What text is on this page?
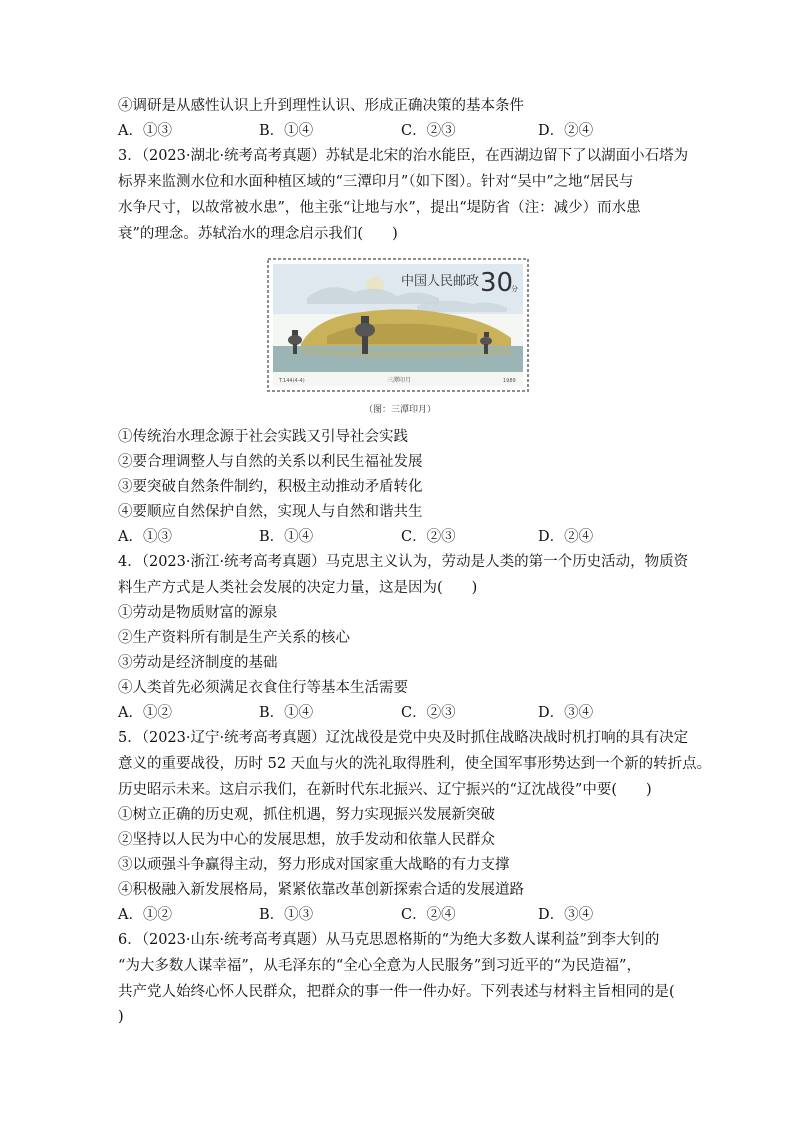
④调研是从感性认识上升到理性认识、形成正确决策的基本条件
A．①③	B．①④	C．②③	D．②④
3．（2023·湖北·统考高考真题）苏轼是北宋的治水能臣，在西湖边留下了以湖面小石塔为
标界来监测水位和水面种植区域的“三潭印月”（如下图）。针对“吴中”之地“居民与
水争尺寸，以故常被水患”，他主张“让地与水”，提出“堤防省（注：减少）而水患
衰”的理念。苏轼治水的理念启示我们(　　)
中国人民邮政 30
分
T.144(4-4)	三潭印月	1989
（图：三潭印月）
①传统治水理念源于社会实践又引导社会实践
②要合理调整人与自然的关系以利民生福祉发展
③要突破自然条件制约，积极主动推动矛盾转化
④要顺应自然保护自然，实现人与自然和谐共生
A．①③	B．①④	C．②③	D．②④
4．（2023·浙江·统考高考真题）马克思主义认为，劳动是人类的第一个历史活动，物质资
料生产方式是人类社会发展的决定力量，这是因为(　　)
①劳动是物质财富的源泉
②生产资料所有制是生产关系的核心
③劳动是经济制度的基础
④人类首先必须满足衣食住行等基本生活需要
A．①②	B．①④	C．②③	D．③④
5．（2023·辽宁·统考高考真题）辽沈战役是党中央及时抓住战略决战时机打响的具有决定
意义的重要战役，历时 52 天血与火的洗礼取得胜利，使全国军事形势达到一个新的转折点。
历史昭示未来。这启示我们，在新时代东北振兴、辽宁振兴的“辽沈战役”中要(　　)
①树立正确的历史观，抓住机遇，努力实现振兴发展新突破
②坚持以人民为中心的发展思想，放手发动和依靠人民群众
③以顽强斗争赢得主动，努力形成对国家重大战略的有力支撑
④积极融入新发展格局，紧紧依靠改革创新探索合适的发展道路
A．①②	B．①③	C．②④	D．③④
6．（2023·山东·统考高考真题）从马克思恩格斯的“为绝大多数人谋利益”到李大钊的
“为大多数人谋幸福”，从毛泽东的“全心全意为人民服务”到习近平的“为民造福”，
共产党人始终心怀人民群众，把群众的事一件一件办好。下列表述与材料主旨相同的是(
)
